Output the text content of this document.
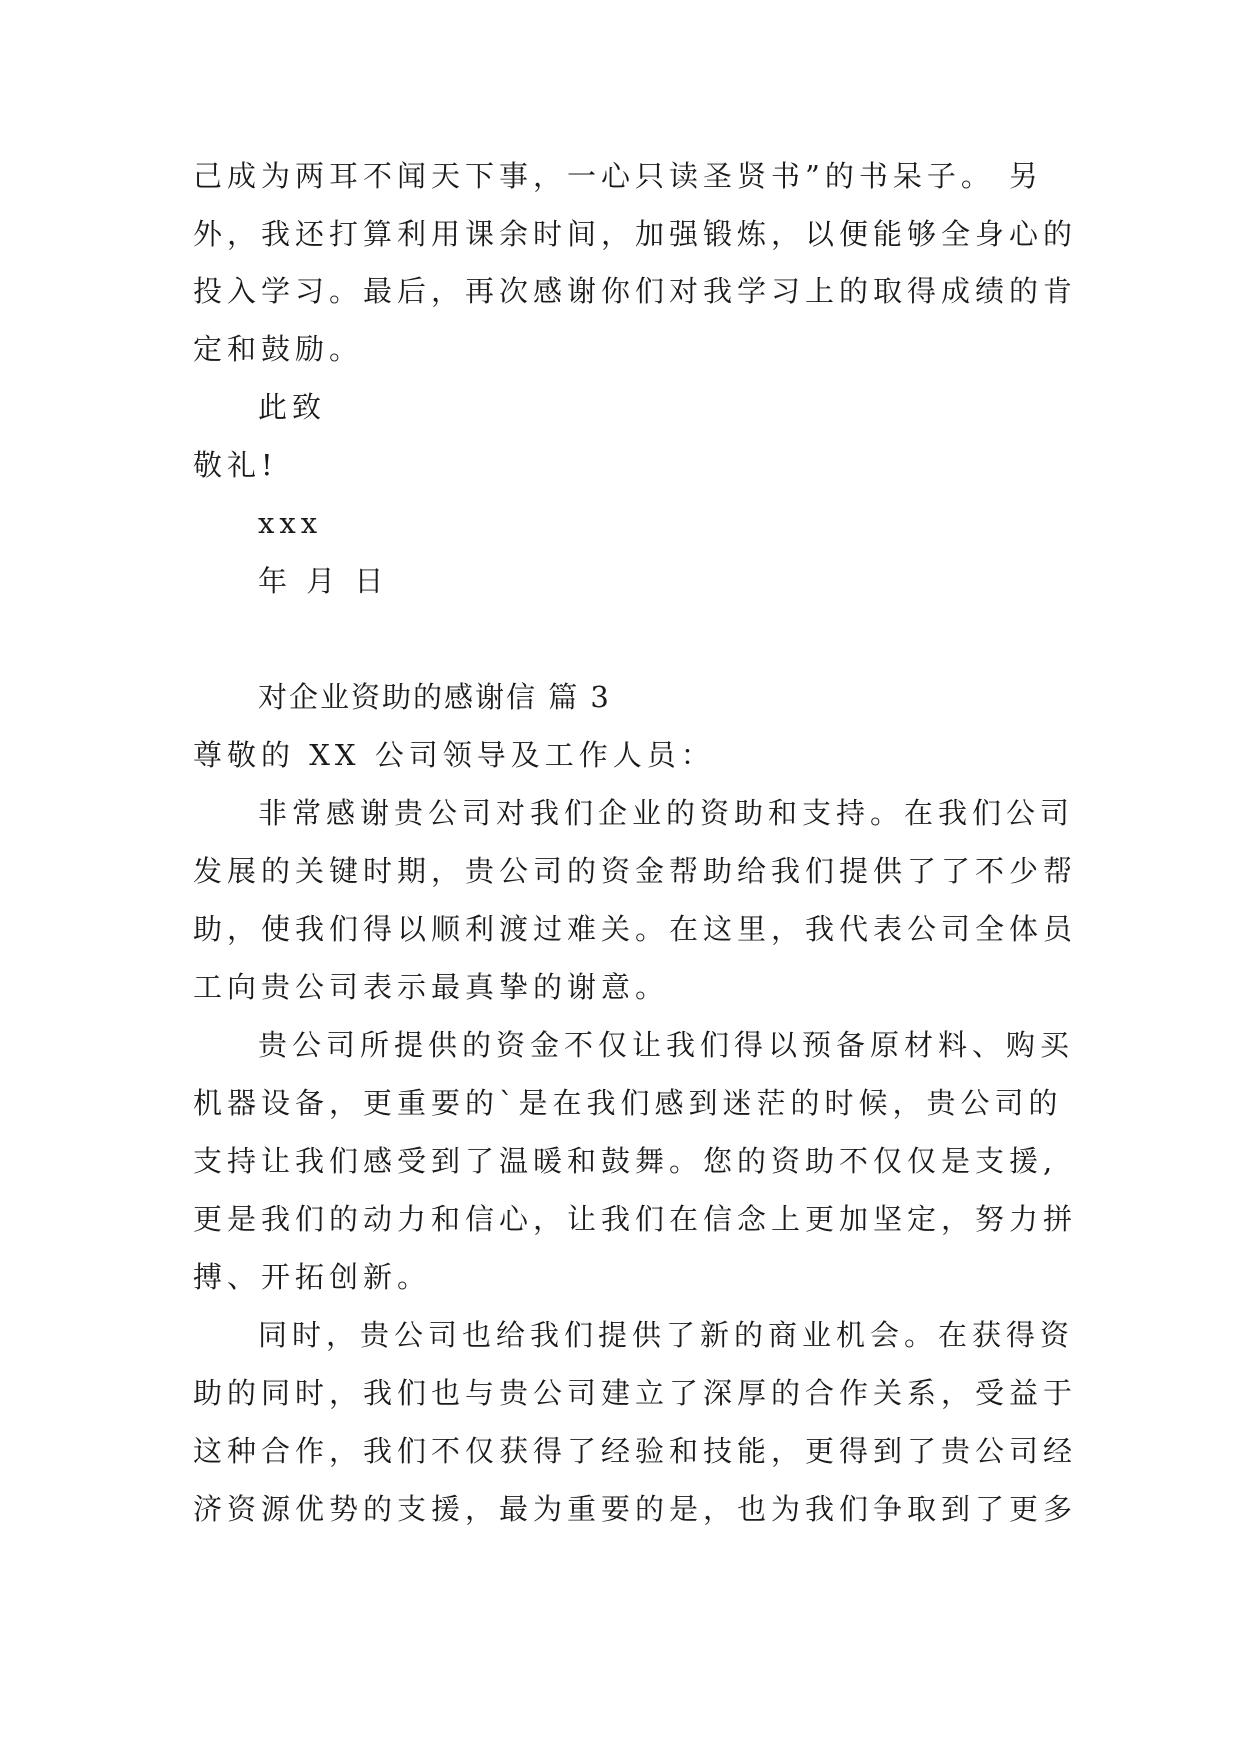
己成为两耳不闻天下事，一心只读圣贤书”的书呆子。 另

外，我还打算利用课余时间，加强锻炼，以便能够全身心的

投入学习。最后，再次感谢你们对我学习上的取得成绩的肯

定和鼓励。

此致

敬礼!

xxx

年 月 日

对企业资助的感谢信 篇 3

尊敬的 XX 公司领导及工作人员：

非常感谢贵公司对我们企业的资助和支持。在我们公司

发展的关键时期，贵公司的资金帮助给我们提供了了不少帮

助，使我们得以顺利渡过难关。在这里，我代表公司全体员

工向贵公司表示最真挚的谢意。

贵公司所提供的资金不仅让我们得以预备原材料、购买

机器设备，更重要的`是在我们感到迷茫的时候，贵公司的

支持让我们感受到了温暖和鼓舞。您的资助不仅仅是支援,

更是我们的动力和信心，让我们在信念上更加坚定，努力拼

搏、开拓创新。

同时，贵公司也给我们提供了新的商业机会。在获得资

助的同时，我们也与贵公司建立了深厚的合作关系，受益于

这种合作，我们不仅获得了经验和技能，更得到了贵公司经

济资源优势的支援，最为重要的是，也为我们争取到了更多
